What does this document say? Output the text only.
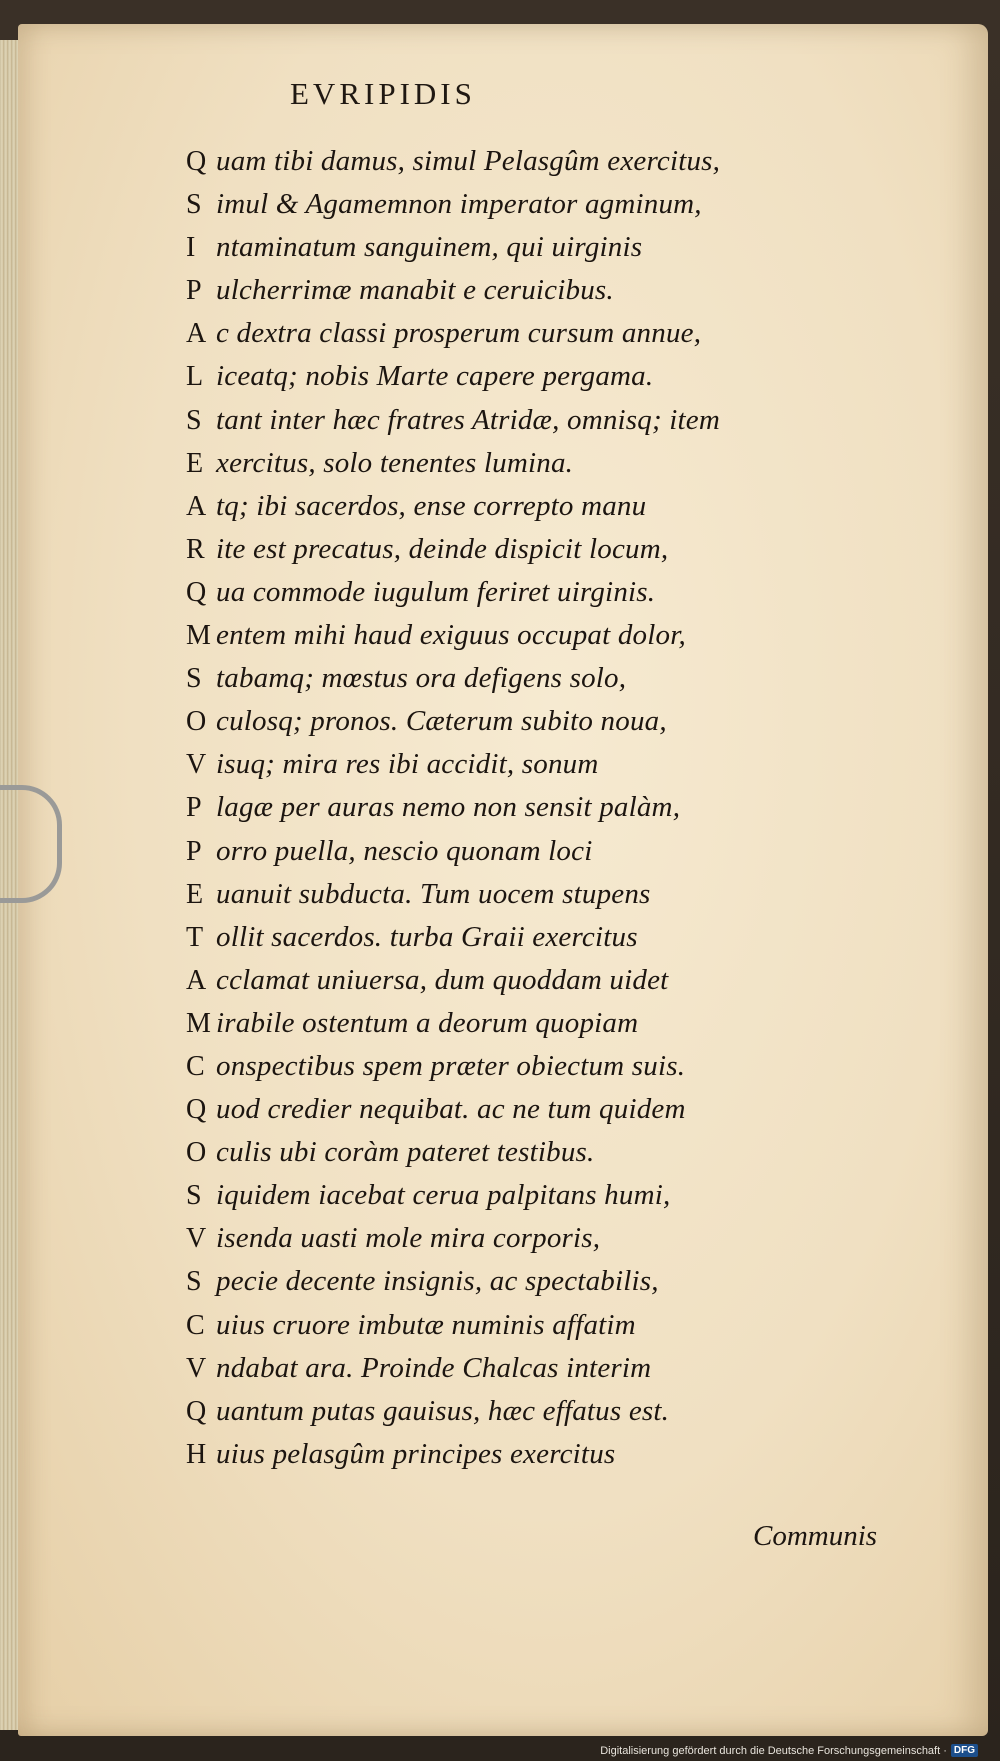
EVRIPIDIS
Q uam tibi damus, simul Pelasgûm exercitus,
S imul & Agamemnon imperator agminum,
I ntaminatum sanguinem, qui uirginis
P ulcherrimæ manabit e ceruicibus.
A c dextra classi prosperum cursum annue,
L iceatq; nobis Marte capere pergama.
S tant inter hæc fratres Atridæ, omnisq; item
E xercitus, solo tenentes lumina.
A tq; ibi sacerdos, ense correpto manu
R ite est precatus, deinde dispicit locum,
Q ua commode iugulum feriret uirginis.
M entem mihi haud exiguus occupat dolor,
S tabamq; mœstus ora defigens solo,
O culosq; pronos. Cæterum subito noua,
V isuq; mira res ibi accidit, sonum
P lagæ per auras nemo non sensit palàm,
P orro puella, nescio quonam loci
E uanuit subducta. Tum uocem stupens
T ollit sacerdos. turba Graii exercitus
A cclamat uniuersa, dum quoddam uidet
M irabile ostentum a deorum quopiam
C onspectibus spem præter obiectum suis.
Q uod credier nequibat. ac ne tum quidem
O culis ubi coràm pateret testibus.
S iquidem iacebat cerua palpitans humi,
V isenda uasti mole mira corporis,
S pecie decente insignis, ac spectabilis,
C uius cruore imbutæ numinis affatim
V ndabat ara. Proinde Chalcas interim
Q uantum putas gauisus, hæc effatus est.
H uius pelasgûm principes exercitus
Communis
Digitalisierung gefördert durch die Deutsche Forschungsgemeinschaft · DFG
